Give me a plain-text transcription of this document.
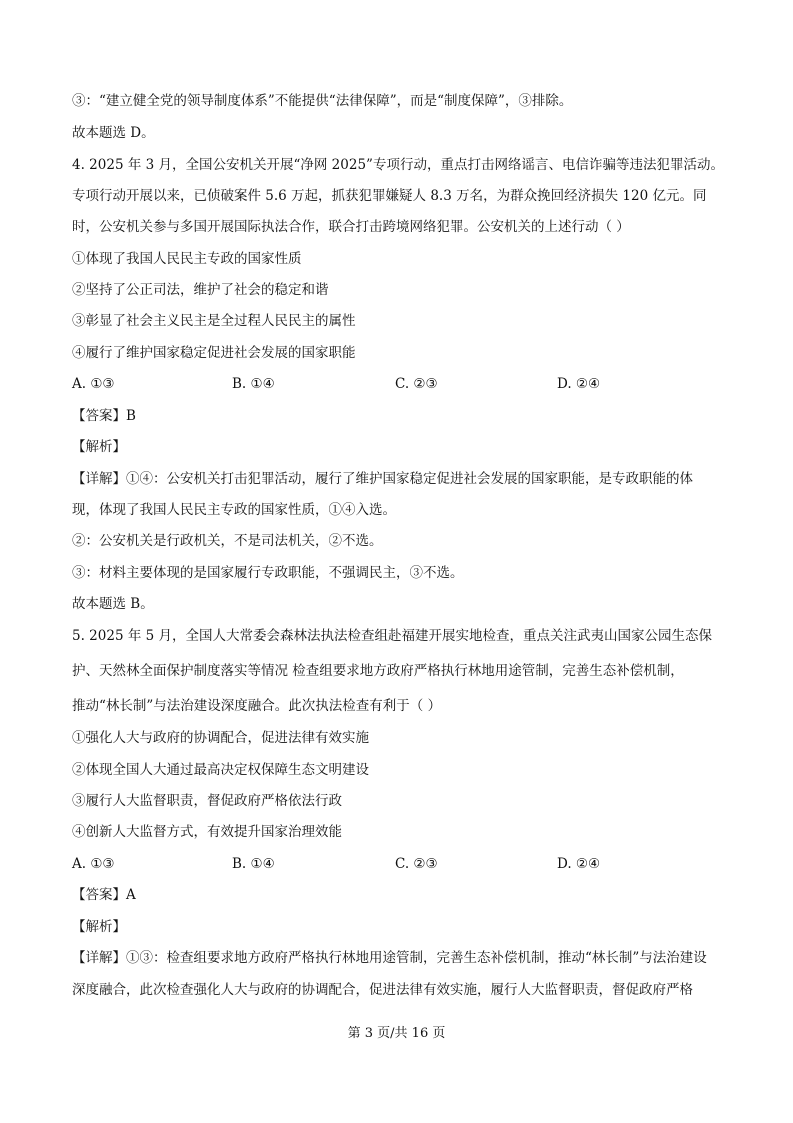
③：“建立健全党的领导制度体系”不能提供“法律保障”，而是“制度保障”，③排除。
故本题选 D。
4. 2025 年 3 月，全国公安机关开展“净网 2025”专项行动，重点打击网络谣言、电信诈骗等违法犯罪活动。
专项行动开展以来，已侦破案件 5.6 万起，抓获犯罪嫌疑人 8.3 万名，为群众挽回经济损失 120 亿元。同
时，公安机关参与多国开展国际执法合作，联合打击跨境网络犯罪。公安机关的上述行动（ ）
①体现了我国人民民主专政的国家性质
②坚持了公正司法，维护了社会的稳定和谐
③彰显了社会主义民主是全过程人民民主的属性
④履行了维护国家稳定促进社会发展的国家职能
A. ①③	B. ①④	C. ②③	D. ②④
【答案】B
【解析】
【详解】①④：公安机关打击犯罪活动，履行了维护国家稳定促进社会发展的国家职能，是专政职能的体
现，体现了我国人民民主专政的国家性质，①④入选。
②：公安机关是行政机关，不是司法机关，②不选。
③：材料主要体现的是国家履行专政职能，不强调民主，③不选。
故本题选 B。
5. 2025 年 5 月，全国人大常委会森林法执法检查组赴福建开展实地检查，重点关注武夷山国家公园生态保
护、天然林全面保护制度落实等情况 检查组要求地方政府严格执行林地用途管制，完善生态补偿机制，
推动“林长制”与法治建设深度融合。此次执法检查有利于（ ）
①强化人大与政府的协调配合，促进法律有效实施
②体现全国人大通过最高决定权保障生态文明建设
③履行人大监督职责，督促政府严格依法行政
④创新人大监督方式，有效提升国家治理效能
A. ①③	B. ①④	C. ②③	D. ②④
【答案】A
【解析】
【详解】①③：检查组要求地方政府严格执行林地用途管制，完善生态补偿机制，推动“林长制”与法治建设
深度融合，此次检查强化人大与政府的协调配合，促进法律有效实施，履行人大监督职责，督促政府严格
第 3 页/共 16 页
